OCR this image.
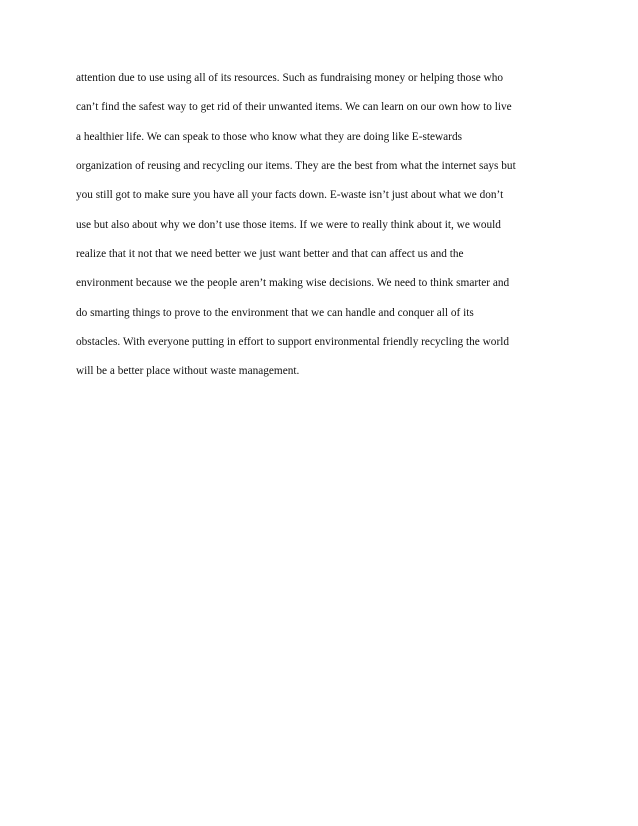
attention due to use using all of its resources. Such as fundraising money or helping those who
can’t find the safest way to get rid of their unwanted items. We can learn on our own how to live
a healthier life. We can speak to those who know what they are doing like E-stewards
organization of reusing and recycling our items. They are the best from what the internet says but
you still got to make sure you have all your facts down. E-waste isn’t just about what we don’t
use but also about why we don’t use those items. If we were to really think about it, we would
realize that it not that we need better we just want better and that can affect us and the
environment because we the people aren’t making wise decisions. We need to think smarter and
do smarting things to prove to the environment that we can handle and conquer all of its
obstacles. With everyone putting in effort to support environmental friendly recycling the world
will be a better place without waste management.
